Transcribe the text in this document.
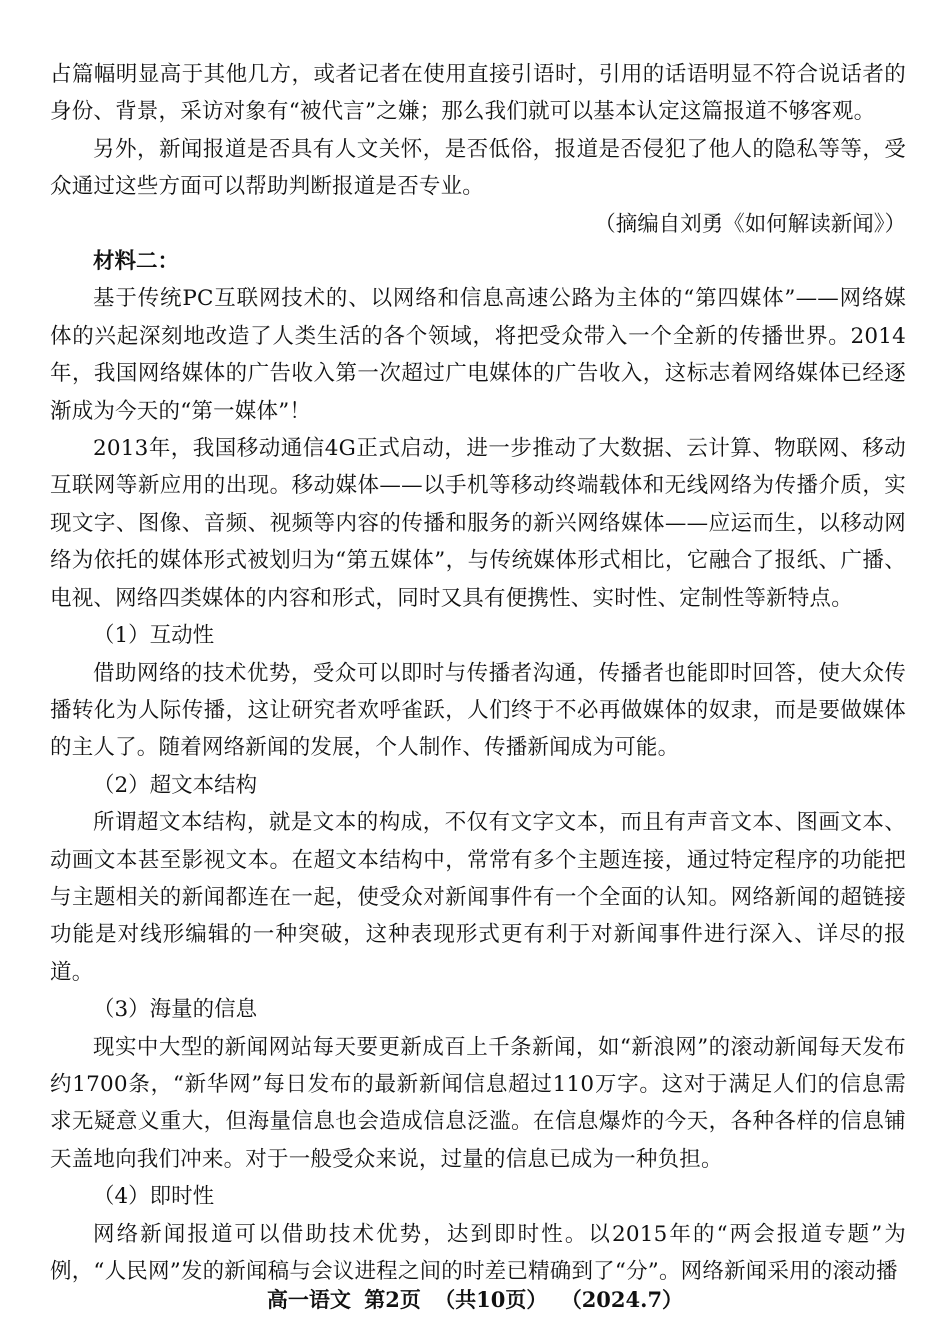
占篇幅明显高于其他几方，或者记者在使用直接引语时，引用的话语明显不符合说话者的身份、背景，采访对象有“被代言”之嫌；那么我们就可以基本认定这篇报道不够客观。

另外，新闻报道是否具有人文关怀，是否低俗，报道是否侵犯了他人的隐私等等，受众通过这些方面可以帮助判断报道是否专业。

（摘编自刘勇《如何解读新闻》）

材料二：

基于传统PC互联网技术的、以网络和信息高速公路为主体的“第四媒体”——网络媒体的兴起深刻地改造了人类生活的各个领域，将把受众带入一个全新的传播世界。2014年，我国网络媒体的广告收入第一次超过广电媒体的广告收入，这标志着网络媒体已经逐渐成为今天的“第一媒体”！

2013年，我国移动通信4G正式启动，进一步推动了大数据、云计算、物联网、移动互联网等新应用的出现。移动媒体——以手机等移动终端载体和无线网络为传播介质，实现文字、图像、音频、视频等内容的传播和服务的新兴网络媒体——应运而生，以移动网络为依托的媒体形式被划归为“第五媒体”，与传统媒体形式相比，它融合了报纸、广播、电视、网络四类媒体的内容和形式，同时又具有便携性、实时性、定制性等新特点。

（1）互动性

借助网络的技术优势，受众可以即时与传播者沟通，传播者也能即时回答，使大众传播转化为人际传播，这让研究者欢呼雀跃，人们终于不必再做媒体的奴隶，而是要做媒体的主人了。随着网络新闻的发展，个人制作、传播新闻成为可能。

（2）超文本结构

所谓超文本结构，就是文本的构成，不仅有文字文本，而且有声音文本、图画文本、动画文本甚至影视文本。在超文本结构中，常常有多个主题连接，通过特定程序的功能把与主题相关的新闻都连在一起，使受众对新闻事件有一个全面的认知。网络新闻的超链接功能是对线形编辑的一种突破，这种表现形式更有利于对新闻事件进行深入、详尽的报道。

（3）海量的信息

现实中大型的新闻网站每天要更新成百上千条新闻，如“新浪网”的滚动新闻每天发布约1700条，“新华网”每日发布的最新新闻信息超过110万字。这对于满足人们的信息需求无疑意义重大，但海量信息也会造成信息泛滥。在信息爆炸的今天，各种各样的信息铺天盖地向我们冲来。对于一般受众来说，过量的信息已成为一种负担。

（4）即时性

网络新闻报道可以借助技术优势，达到即时性。以2015年的“两会报道专题”为例，“人民网”发的新闻稿与会议进程之间的时差已精确到了“分”。网络新闻采用的滚动播

高一语文 第2页 （共10页） （2024.7）
